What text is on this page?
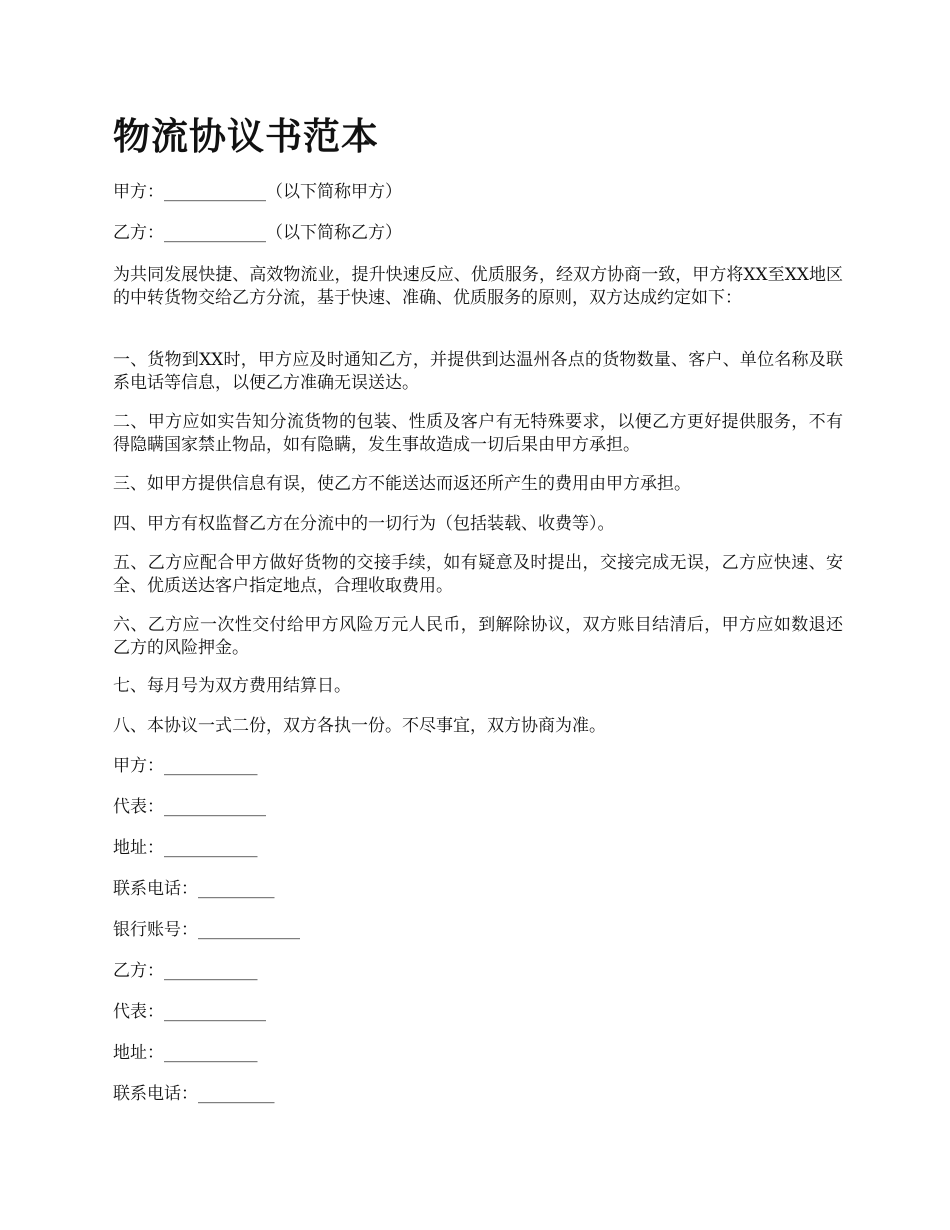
物流协议书范本

甲方：____________（以下简称甲方）

乙方：____________（以下简称乙方）

为共同发展快捷、高效物流业，提升快速反应、优质服务，经双方协商一致，甲方将XX至XX地区的中转货物交给乙方分流，基于快速、准确、优质服务的原则，双方达成约定如下：

一、货物到XX时，甲方应及时通知乙方，并提供到达温州各点的货物数量、客户、单位名称及联系电话等信息，以便乙方准确无误送达。

二、甲方应如实告知分流货物的包装、性质及客户有无特殊要求，以便乙方更好提供服务，不有得隐瞒国家禁止物品，如有隐瞒，发生事故造成一切后果由甲方承担。

三、如甲方提供信息有误，使乙方不能送达而返还所产生的费用由甲方承担。

四、甲方有权监督乙方在分流中的一切行为（包括装载、收费等）。

五、乙方应配合甲方做好货物的交接手续，如有疑意及时提出，交接完成无误，乙方应快速、安全、优质送达客户指定地点，合理收取费用。

六、乙方应一次性交付给甲方风险万元人民币，到解除协议，双方账目结清后，甲方应如数退还乙方的风险押金。

七、每月号为双方费用结算日。

八、本协议一式二份，双方各执一份。不尽事宜，双方协商为准。

甲方：___________

代表：____________

地址：___________

联系电话：_________

银行账号：____________

乙方：___________

代表：____________

地址：___________

联系电话：_________
